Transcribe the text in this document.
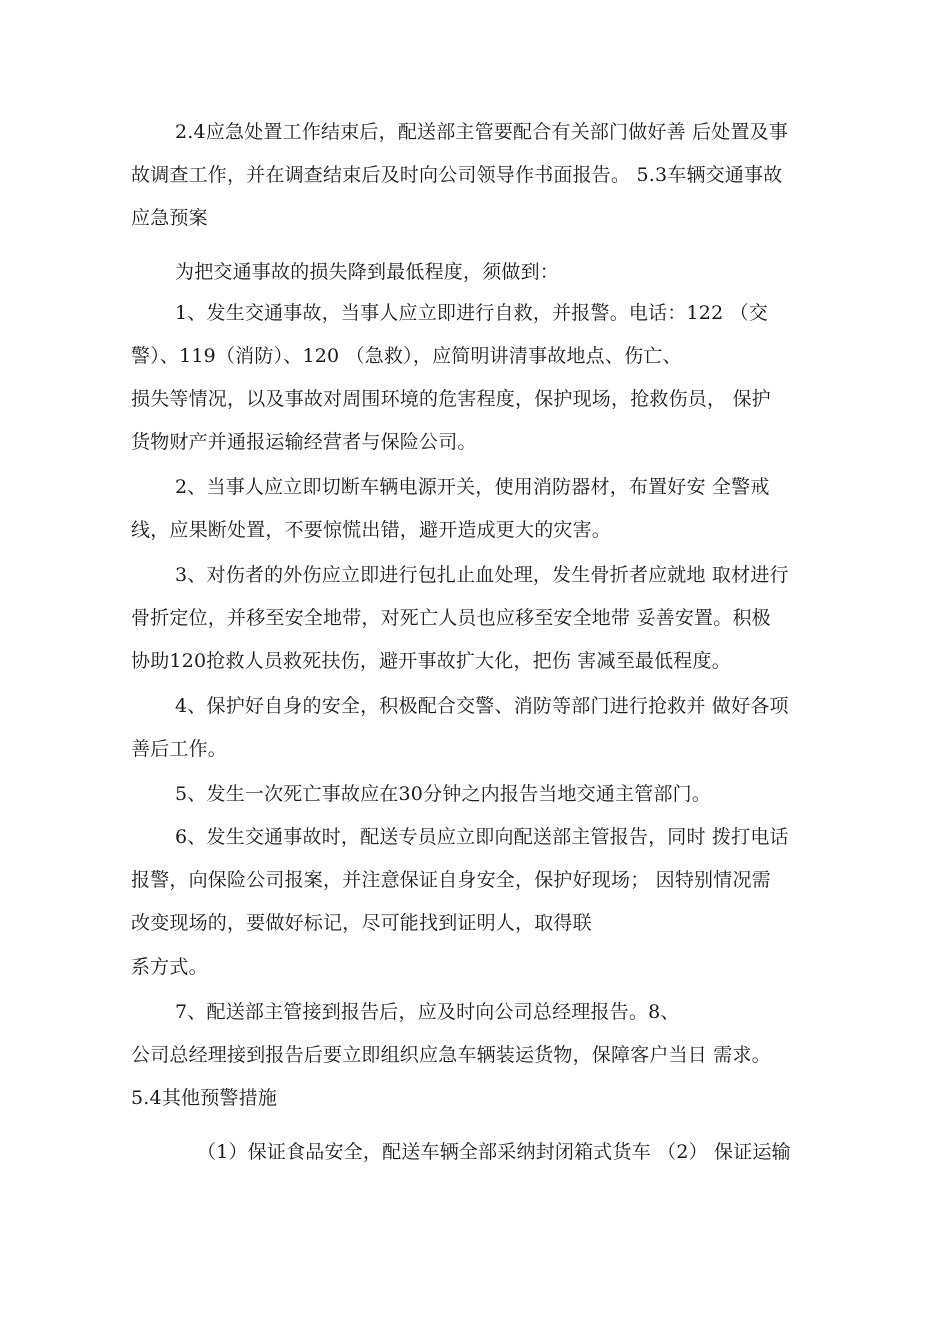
2.4应急处置工作结束后，配送部主管要配合有关部门做好善 后处置及事
故调查工作，并在调查结束后及时向公司领导作书面报告。 5.3车辆交通事故
应急预案
为把交通事故的损失降到最低程度，须做到：
1、发生交通事故，当事人应立即进行自救，并报警。电话：122 （交
警）、119（消防）、120 （急救），应简明讲清事故地点、伤亡、
损失等情况，以及事故对周围环境的危害程度，保护现场，抢救伤员， 保护
货物财产并通报运输经营者与保险公司。
2、当事人应立即切断车辆电源开关，使用消防器材，布置好安 全警戒
线，应果断处置，不要惊慌出错，避开造成更大的灾害。
3、对伤者的外伤应立即进行包扎止血处理，发生骨折者应就地 取材进行
骨折定位，并移至安全地带，对死亡人员也应移至安全地带 妥善安置。积极
协助120抢救人员救死扶伤，避开事故扩大化，把伤 害减至最低程度。
4、保护好自身的安全，积极配合交警、消防等部门进行抢救并 做好各项
善后工作。
5、发生一次死亡事故应在30分钟之内报告当地交通主管部门。
6、发生交通事故时，配送专员应立即向配送部主管报告，同时 拨打电话
报警，向保险公司报案，并注意保证自身安全，保护好现场； 因特别情况需
改变现场的，要做好标记，尽可能找到证明人，取得联
系方式。
7、配送部主管接到报告后，应及时向公司总经理报告。8、
公司总经理接到报告后要立即组织应急车辆装运货物，保障客户当日 需求。
5.4其他预警措施
（1）保证食品安全，配送车辆全部采纳封闭箱式货车 （2） 保证运输
